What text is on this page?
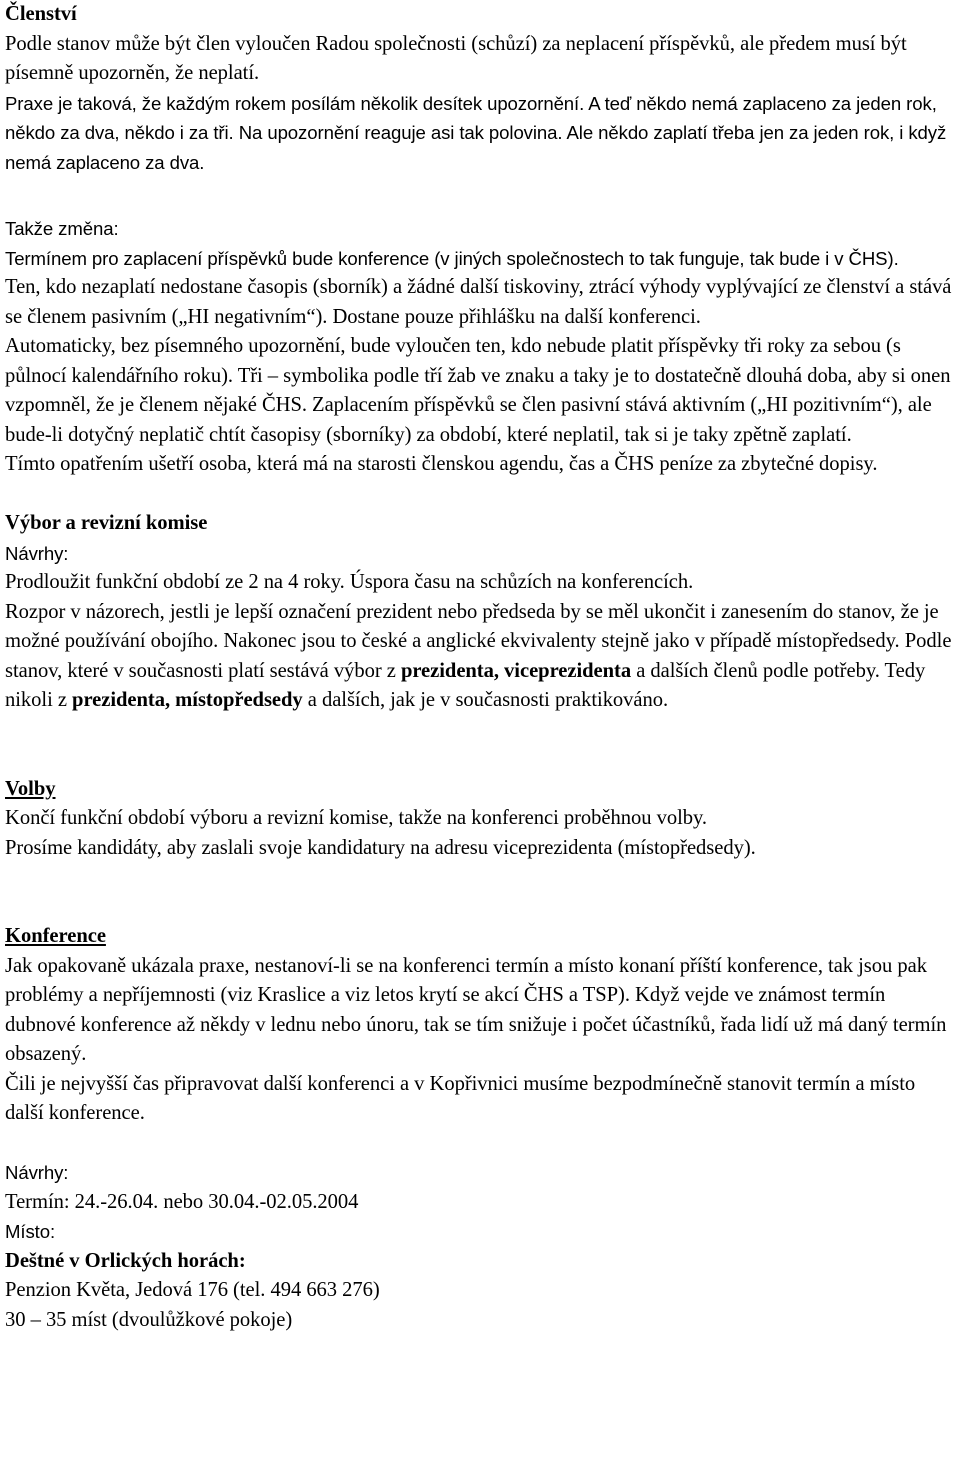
Členství

Podle stanov může být člen vyloučen Radou společnosti (schůzí) za neplacení příspěvků, ale předem musí být písemně upozorněn, že neplatí.

Praxe je taková, že každým rokem posílám několik desítek upozornění. A teď někdo nemá zaplaceno za jeden rok, někdo za dva, někdo i za tři. Na upozornění reaguje asi tak polovina. Ale někdo zaplatí třeba jen za jeden rok, i když nemá zaplaceno za dva.

Takže změna:

Termínem pro zaplacení příspěvků bude konference (v jiných společnostech to tak funguje, tak bude i v ČHS).

Ten, kdo nezaplatí nedostane časopis (sborník) a žádné další tiskoviny, ztrácí výhody vyplývající ze členství a stává se členem pasivním („HI negativním“). Dostane pouze přihlášku na další konferenci.

Automaticky, bez písemného upozornění, bude vyloučen ten, kdo nebude platit příspěvky tři roky za sebou (s půlnocí kalendářního roku). Tři – symbolika podle tří žab ve znaku a taky je to dostatečně dlouhá doba, aby si onen vzpomněl, že je členem nějaké ČHS. Zaplacením příspěvků se člen pasivní stává aktivním („HI pozitivním“), ale bude-li dotyčný neplatič chtít časopisy (sborníky) za období, které neplatil, tak si je taky zpětně zaplatí.

Tímto opatřením ušetří osoba, která má na starosti členskou agendu, čas a ČHS peníze za zbytečné dopisy.

Výbor a revizní komise

Návrhy:

Prodloužit funkční období ze 2 na 4 roky. Úspora času na schůzích na konferencích.

Rozpor v názorech, jestli je lepší označení prezident nebo předseda by se měl ukončit i zanesením do stanov, že je možné používání obojího. Nakonec jsou to české a anglické ekvivalenty stejně jako v případě místopředsedy. Podle stanov, které v současnosti platí sestává výbor z prezidenta, viceprezidenta a dalších členů podle potřeby. Tedy nikoli z prezidenta, místopředsedy a dalších, jak je v současnosti praktikováno.

Volby

Končí funkční období výboru a revizní komise, takže na konferenci proběhnou volby.

Prosíme kandidáty, aby zaslali svoje kandidatury na adresu viceprezidenta (místopředsedy).

Konference

Jak opakovaně ukázala praxe, nestanoví-li se na konferenci termín a místo konaní příští konference, tak jsou pak problémy a nepříjemnosti (viz Kraslice a viz letos krytí se akcí ČHS a TSP). Když vejde ve známost termín dubnové konference až někdy v lednu nebo únoru, tak se tím snižuje i počet účastníků, řada lidí už má daný termín obsazený.

Čili je nejvyšší čas připravovat další konferenci a v Kopřivnici musíme bezpodmínečně stanovit termín a místo další konference.

Návrhy:

Termín: 24.-26.04. nebo 30.04.-02.05.2004

Místo:

Deštné v Orlických horách:

Penzion Květa, Jedová 176 (tel. 494 663 276)

30 – 35 míst (dvoulůžkové pokoje)
